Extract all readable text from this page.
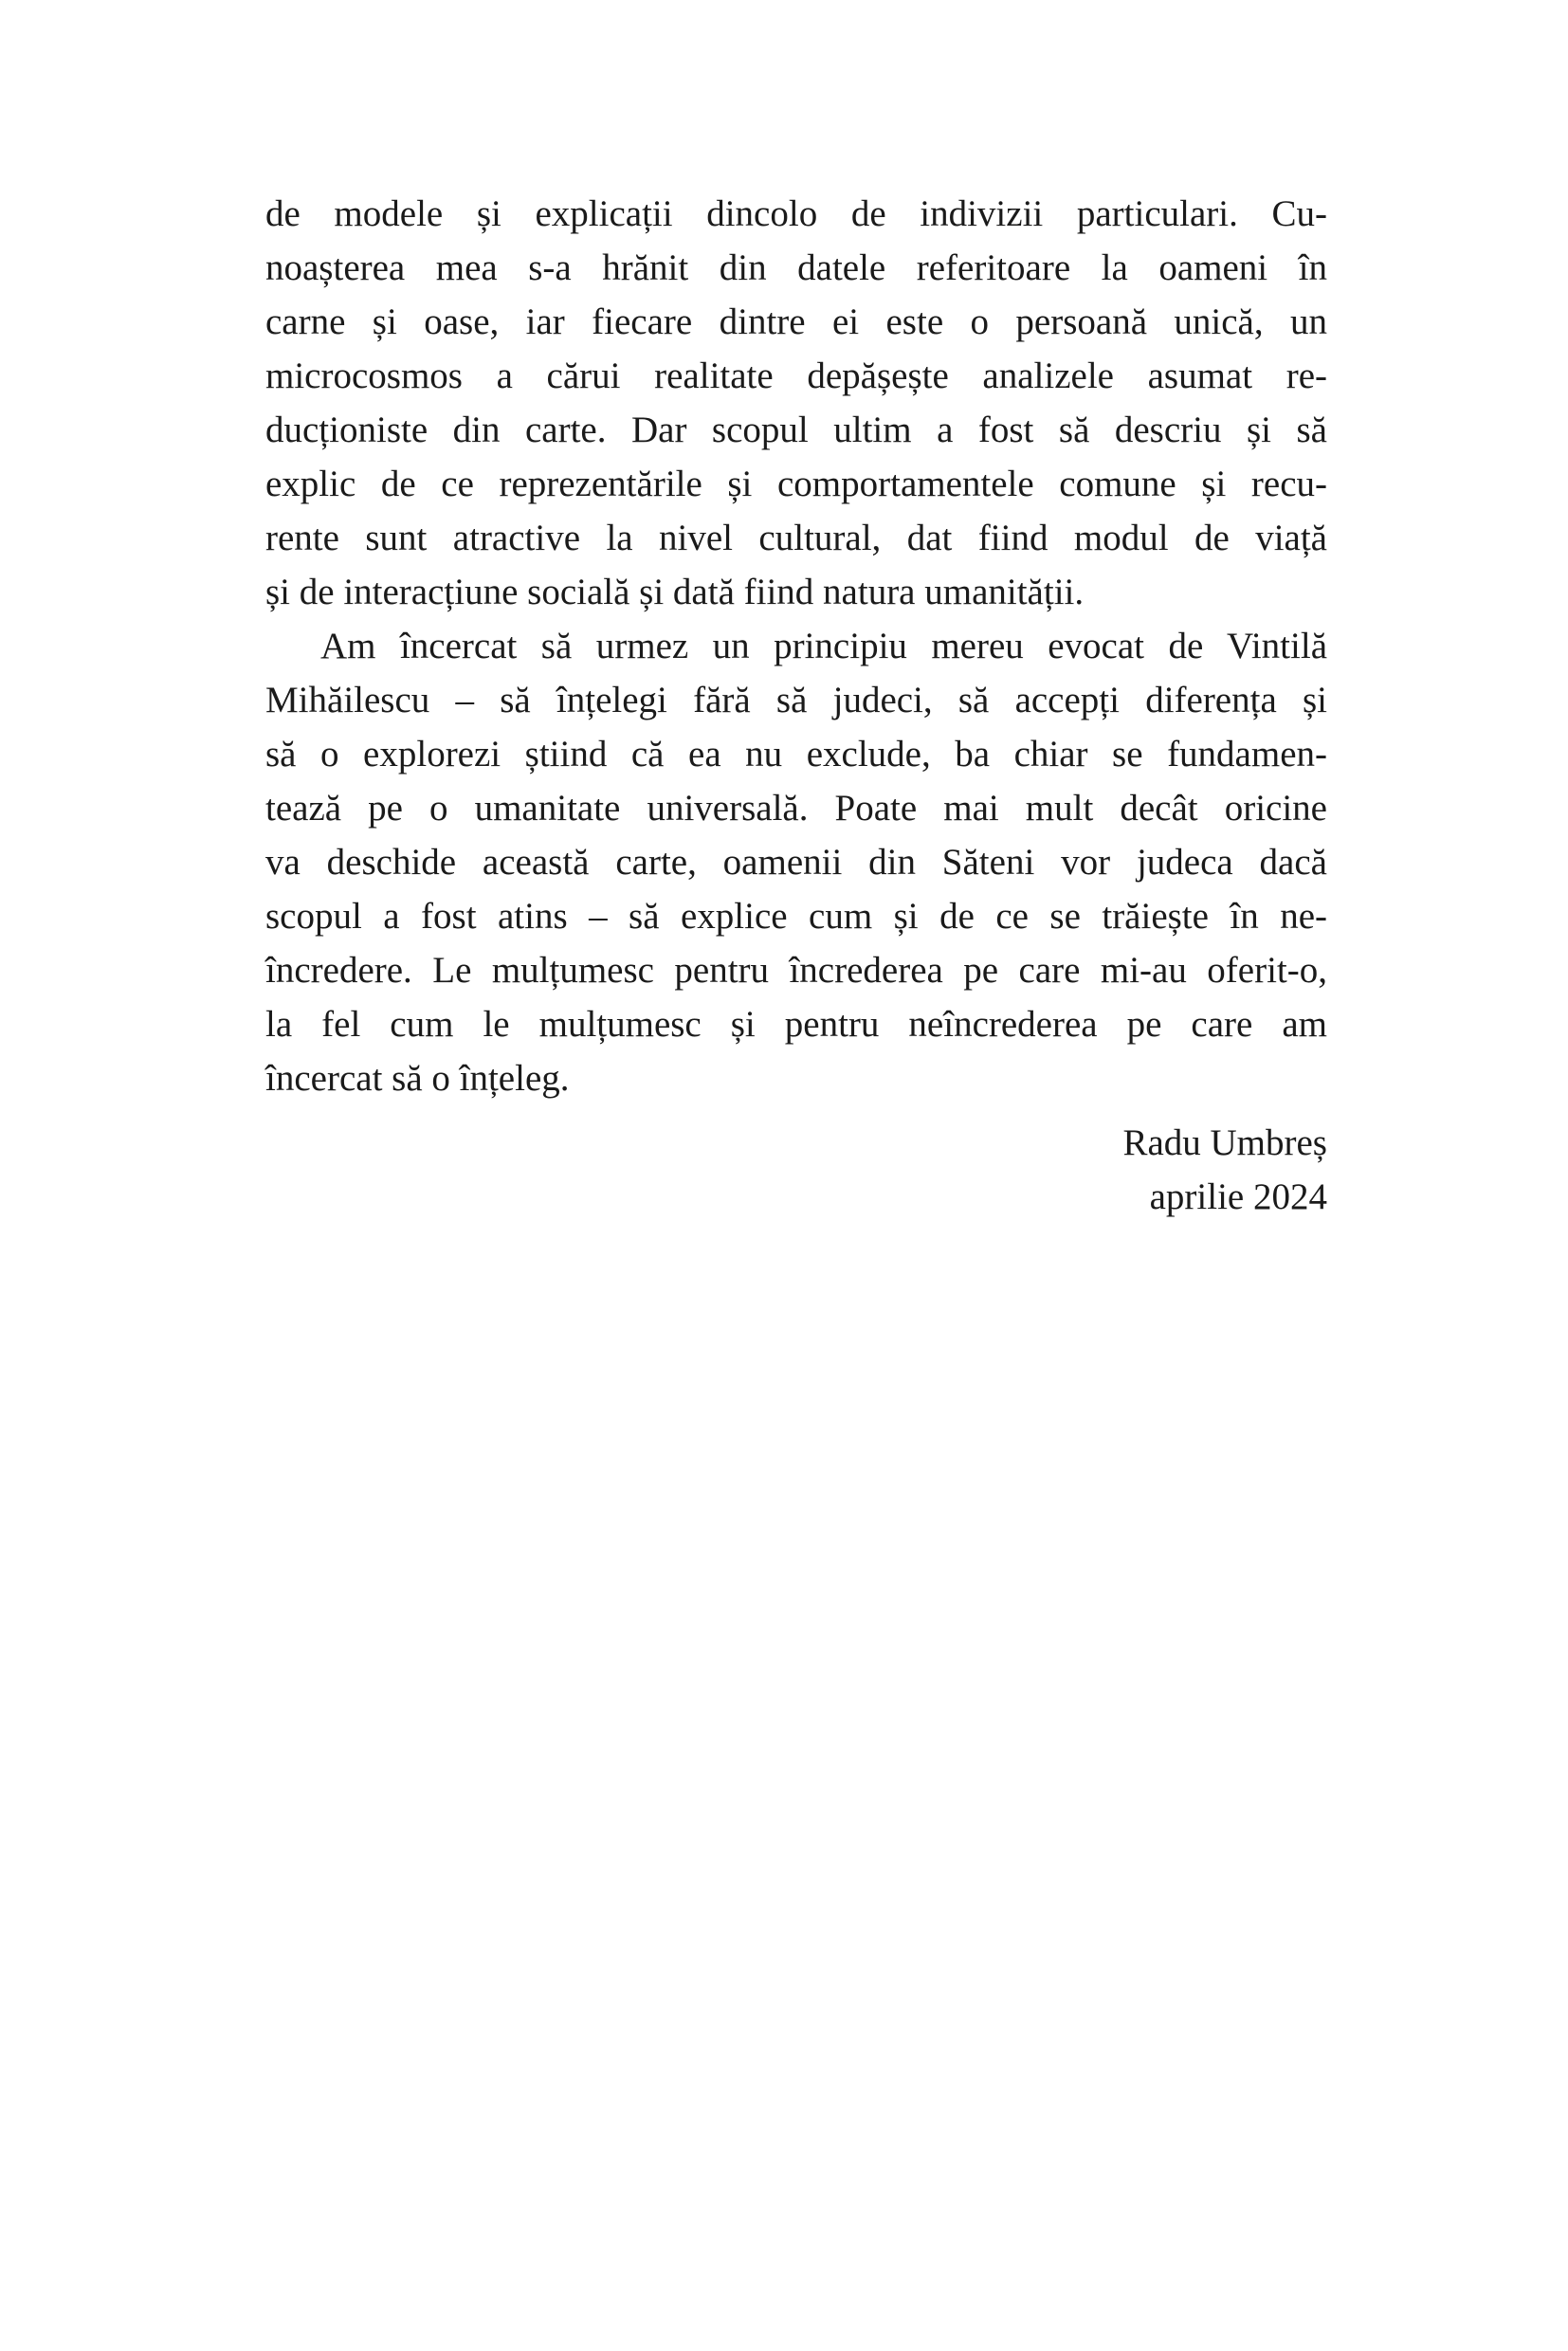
de modele și explicații dincolo de indivizii particulari. Cu-
noașterea mea s-a hrănit din datele referitoare la oameni în
carne și oase, iar fiecare dintre ei este o persoană unică, un
microcosmos a cărui realitate depășește analizele asumat re-
ducționiste din carte. Dar scopul ultim a fost să descriu și să
explic de ce reprezentările și comportamentele comune și recu-
rente sunt atractive la nivel cultural, dat fiind modul de viață
și de interacțiune socială și dată fiind natura umanității.
Am încercat să urmez un principiu mereu evocat de Vintilă
Mihăilescu – să înțelegi fără să judeci, să accepți diferența și
să o explorezi știind că ea nu exclude, ba chiar se fundamen-
tează pe o umanitate universală. Poate mai mult decât oricine
va deschide această carte, oamenii din Săteni vor judeca dacă
scopul a fost atins – să explice cum și de ce se trăiește în ne-
încredere. Le mulțumesc pentru încrederea pe care mi-au oferit-o,
la fel cum le mulțumesc și pentru neîncrederea pe care am
încercat să o înțeleg.
Radu Umbreș
aprilie 2024
